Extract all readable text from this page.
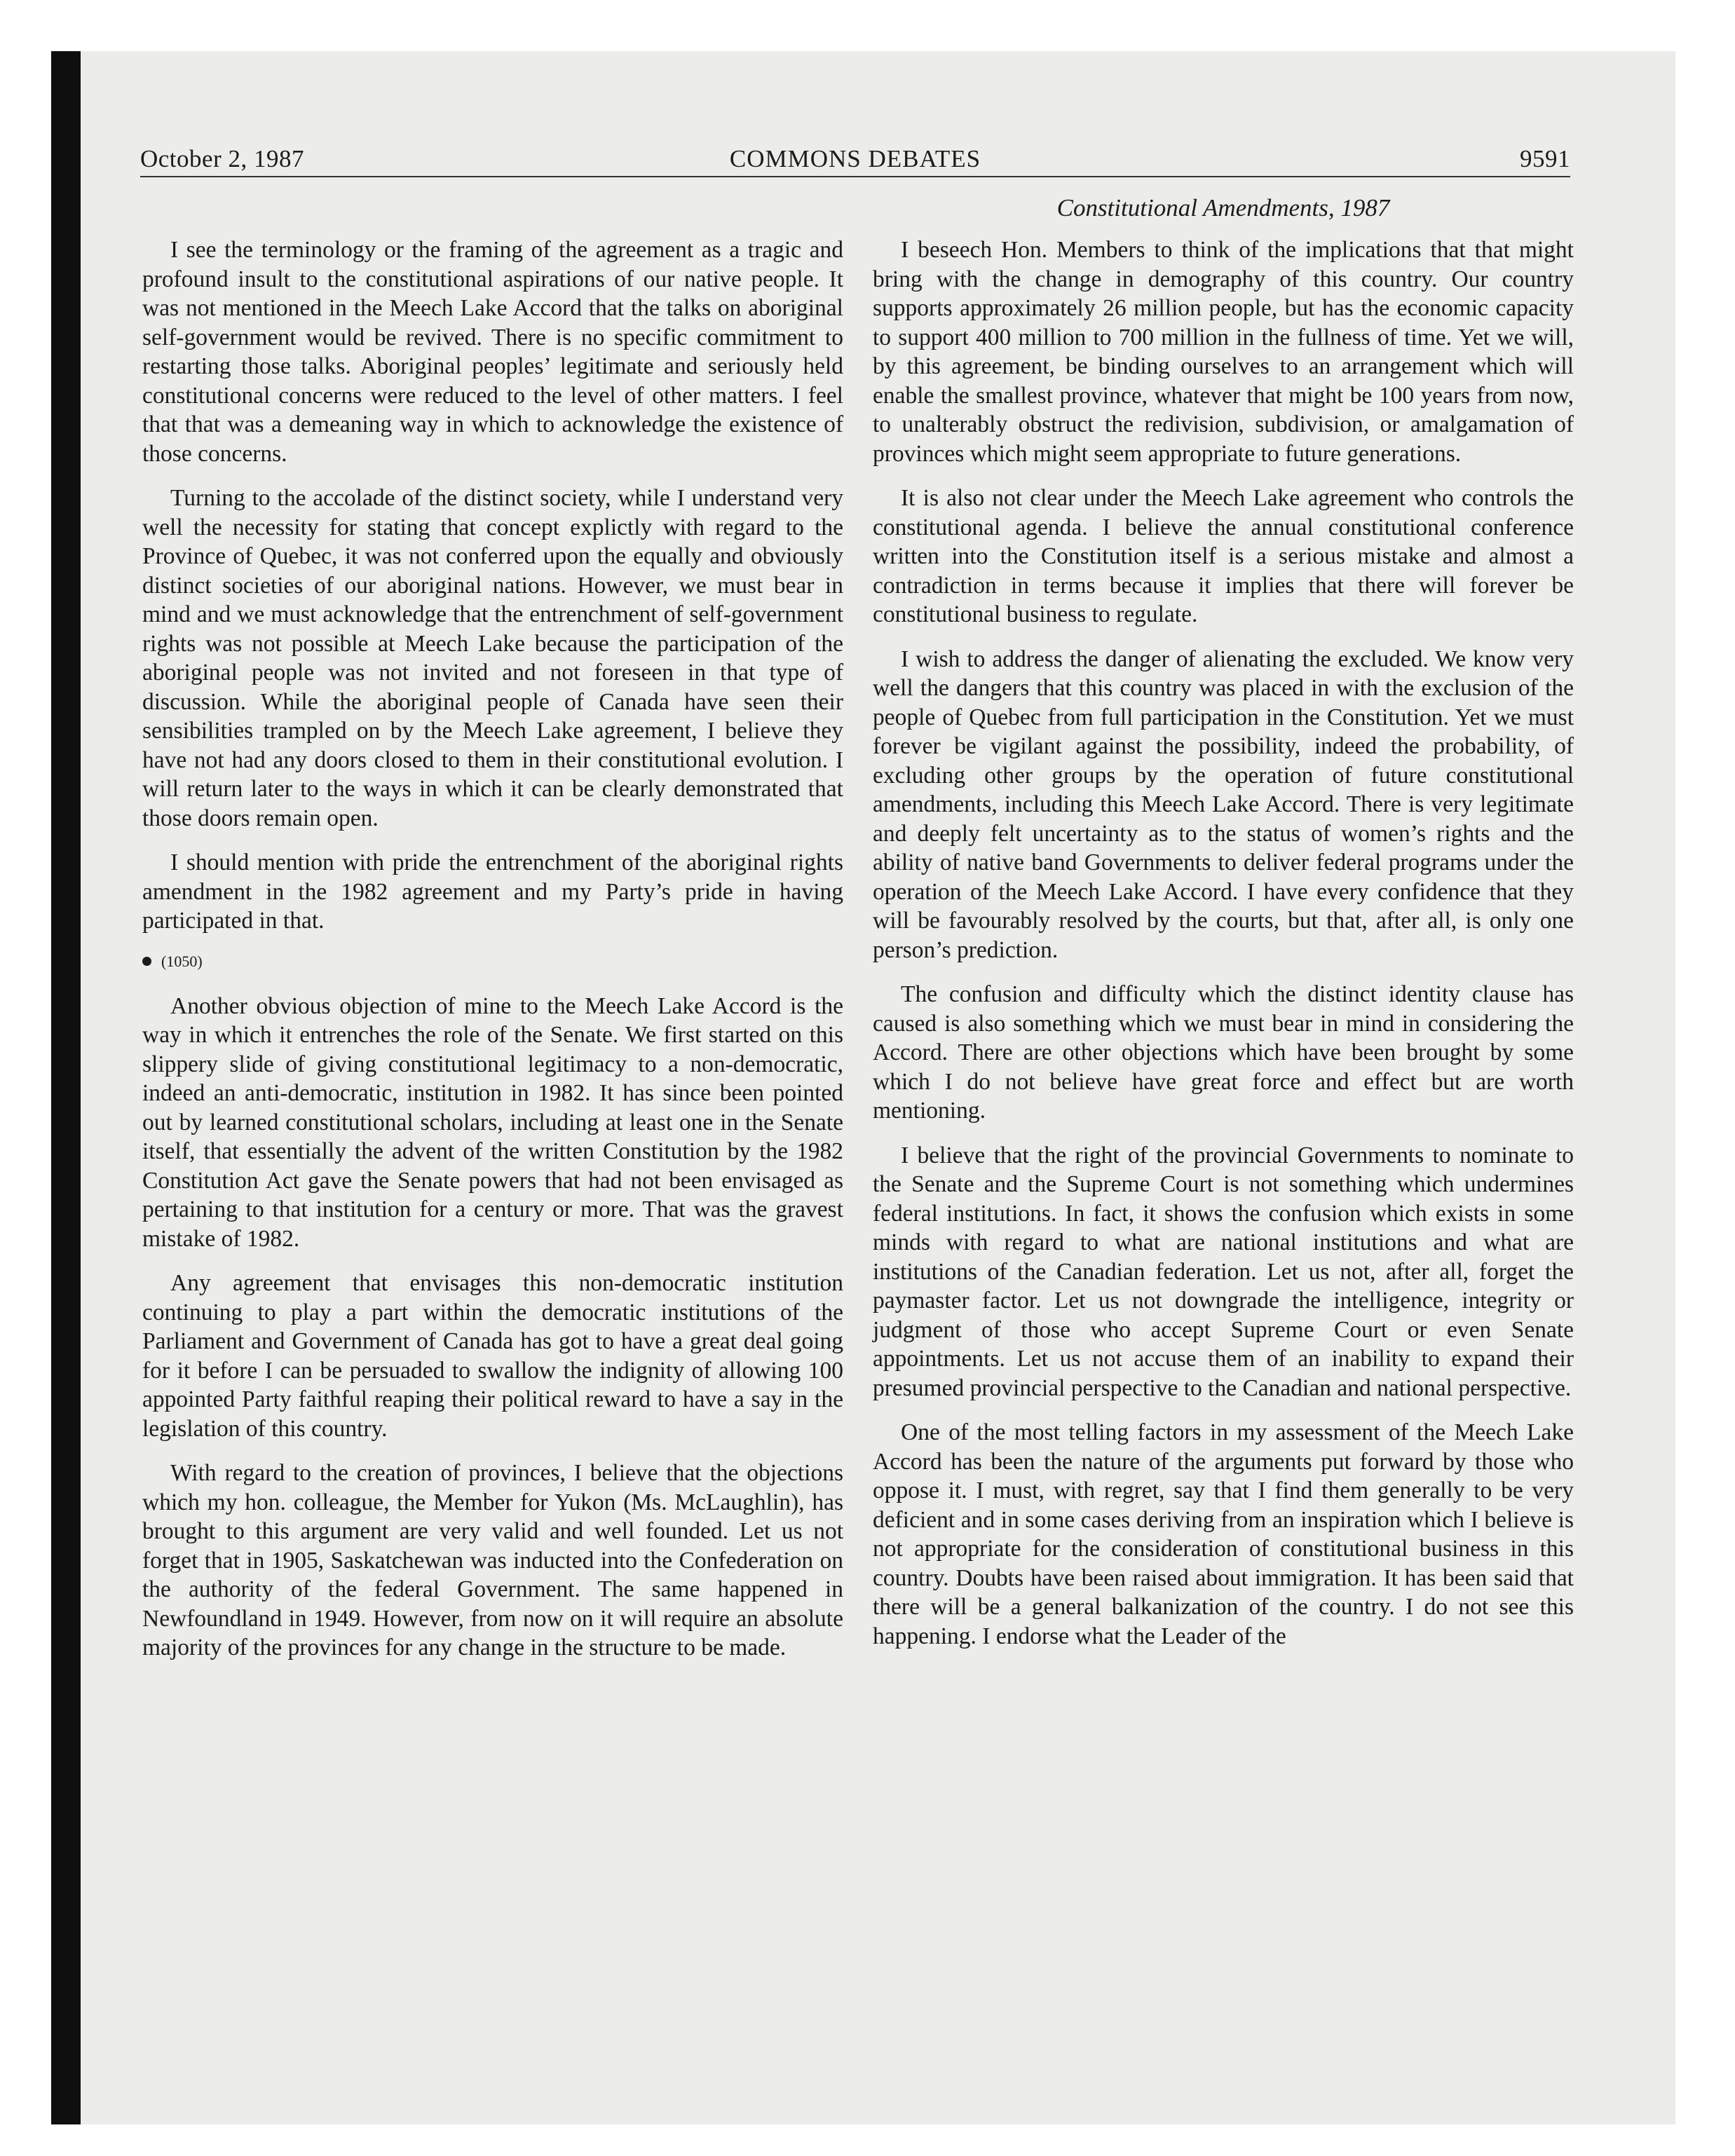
October 2, 1987	COMMONS DEBATES	9591

I see the terminology or the framing of the agreement as a tragic and profound insult to the constitutional aspirations of our native people. It was not mentioned in the Meech Lake Accord that the talks on aboriginal self-government would be revived. There is no specific commitment to restarting those talks. Aboriginal peoples’ legitimate and seriously held constitutional concerns were reduced to the level of other matters. I feel that that was a demeaning way in which to acknowledge the existence of those concerns.

Turning to the accolade of the distinct society, while I understand very well the necessity for stating that concept explictly with regard to the Province of Quebec, it was not conferred upon the equally and obviously distinct societies of our aboriginal nations. However, we must bear in mind and we must acknowledge that the entrenchment of self-government rights was not possible at Meech Lake because the participation of the aboriginal people was not invited and not foreseen in that type of discussion. While the aboriginal people of Canada have seen their sensibilities trampled on by the Meech Lake agreement, I believe they have not had any doors closed to them in their constitutional evolution. I will return later to the ways in which it can be clearly demonstrated that those doors remain open.

I should mention with pride the entrenchment of the aboriginal rights amendment in the 1982 agreement and my Party’s pride in having participated in that.

(1050)

Another obvious objection of mine to the Meech Lake Accord is the way in which it entrenches the role of the Senate. We first started on this slippery slide of giving constitutional legitimacy to a non-democratic, indeed an anti-democratic, institution in 1982. It has since been pointed out by learned constitutional scholars, including at least one in the Senate itself, that essentially the advent of the written Constitution by the 1982 Constitution Act gave the Senate powers that had not been envisaged as pertaining to that institution for a century or more. That was the gravest mistake of 1982.

Any agreement that envisages this non-democratic institution continuing to play a part within the democratic institutions of the Parliament and Government of Canada has got to have a great deal going for it before I can be persuaded to swallow the indignity of allowing 100 appointed Party faithful reaping their political reward to have a say in the legislation of this country.

With regard to the creation of provinces, I believe that the objections which my hon. colleague, the Member for Yukon (Ms. McLaughlin), has brought to this argument are very valid and well founded. Let us not forget that in 1905, Saskatchewan was inducted into the Confederation on the authority of the federal Government. The same happened in Newfoundland in 1949. However, from now on it will require an absolute majority of the provinces for any change in the structure to be made.

Constitutional Amendments, 1987

I beseech Hon. Members to think of the implications that that might bring with the change in demography of this country. Our country supports approximately 26 million people, but has the economic capacity to support 400 million to 700 million in the fullness of time. Yet we will, by this agreement, be binding ourselves to an arrangement which will enable the smallest province, whatever that might be 100 years from now, to unalterably obstruct the redivision, subdivision, or amalgamation of provinces which might seem appropriate to future generations.

It is also not clear under the Meech Lake agreement who controls the constitutional agenda. I believe the annual constitutional conference written into the Constitution itself is a serious mistake and almost a contradiction in terms because it implies that there will forever be constitutional business to regulate.

I wish to address the danger of alienating the excluded. We know very well the dangers that this country was placed in with the exclusion of the people of Quebec from full participation in the Constitution. Yet we must forever be vigilant against the possibility, indeed the probability, of excluding other groups by the operation of future constitutional amendments, including this Meech Lake Accord. There is very legitimate and deeply felt uncertainty as to the status of women’s rights and the ability of native band Governments to deliver federal programs under the operation of the Meech Lake Accord. I have every confidence that they will be favourably resolved by the courts, but that, after all, is only one person’s prediction.

The confusion and difficulty which the distinct identity clause has caused is also something which we must bear in mind in considering the Accord. There are other objections which have been brought by some which I do not believe have great force and effect but are worth mentioning.

I believe that the right of the provincial Governments to nominate to the Senate and the Supreme Court is not something which undermines federal institutions. In fact, it shows the confusion which exists in some minds with regard to what are national institutions and what are institutions of the Canadian federation. Let us not, after all, forget the paymaster factor. Let us not downgrade the intelligence, integrity or judgment of those who accept Supreme Court or even Senate appointments. Let us not accuse them of an inability to expand their presumed provincial perspective to the Canadian and national perspective.

One of the most telling factors in my assessment of the Meech Lake Accord has been the nature of the arguments put forward by those who oppose it. I must, with regret, say that I find them generally to be very deficient and in some cases deriving from an inspiration which I believe is not appropriate for the consideration of constitutional business in this country. Doubts have been raised about immigration. It has been said that there will be a general balkanization of the country. I do not see this happening. I endorse what the Leader of the
